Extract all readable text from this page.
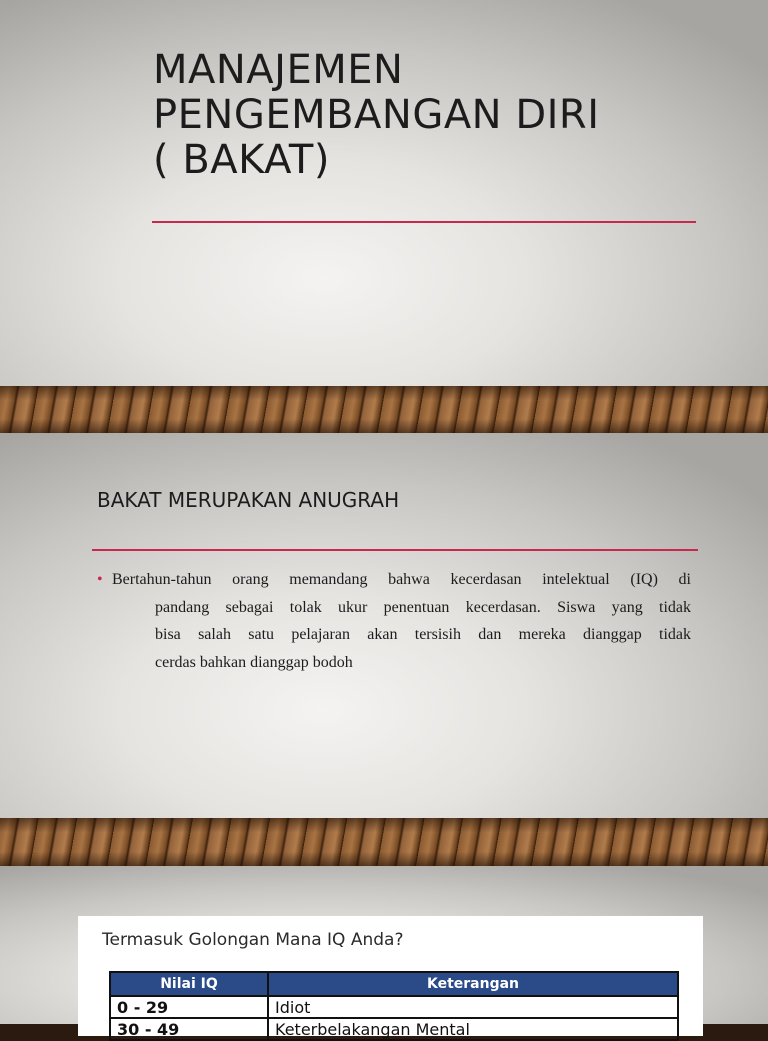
MANAJEMEN
PENGEMBANGAN DIRI
( BAKAT)
BAKAT MERUPAKAN ANUGRAH
• Bertahun-tahun orang memandang bahwa kecerdasan intelektual (IQ) di
pandang sebagai tolak ukur penentuan kecerdasan. Siswa yang tidak
bisa salah satu pelajaran akan tersisih dan mereka dianggap tidak
cerdas bahkan dianggap bodoh
Termasuk Golongan Mana IQ Anda?
Nilai IQ	Keterangan
0 - 29	Idiot
30 - 49	Keterbelakangan Mental
